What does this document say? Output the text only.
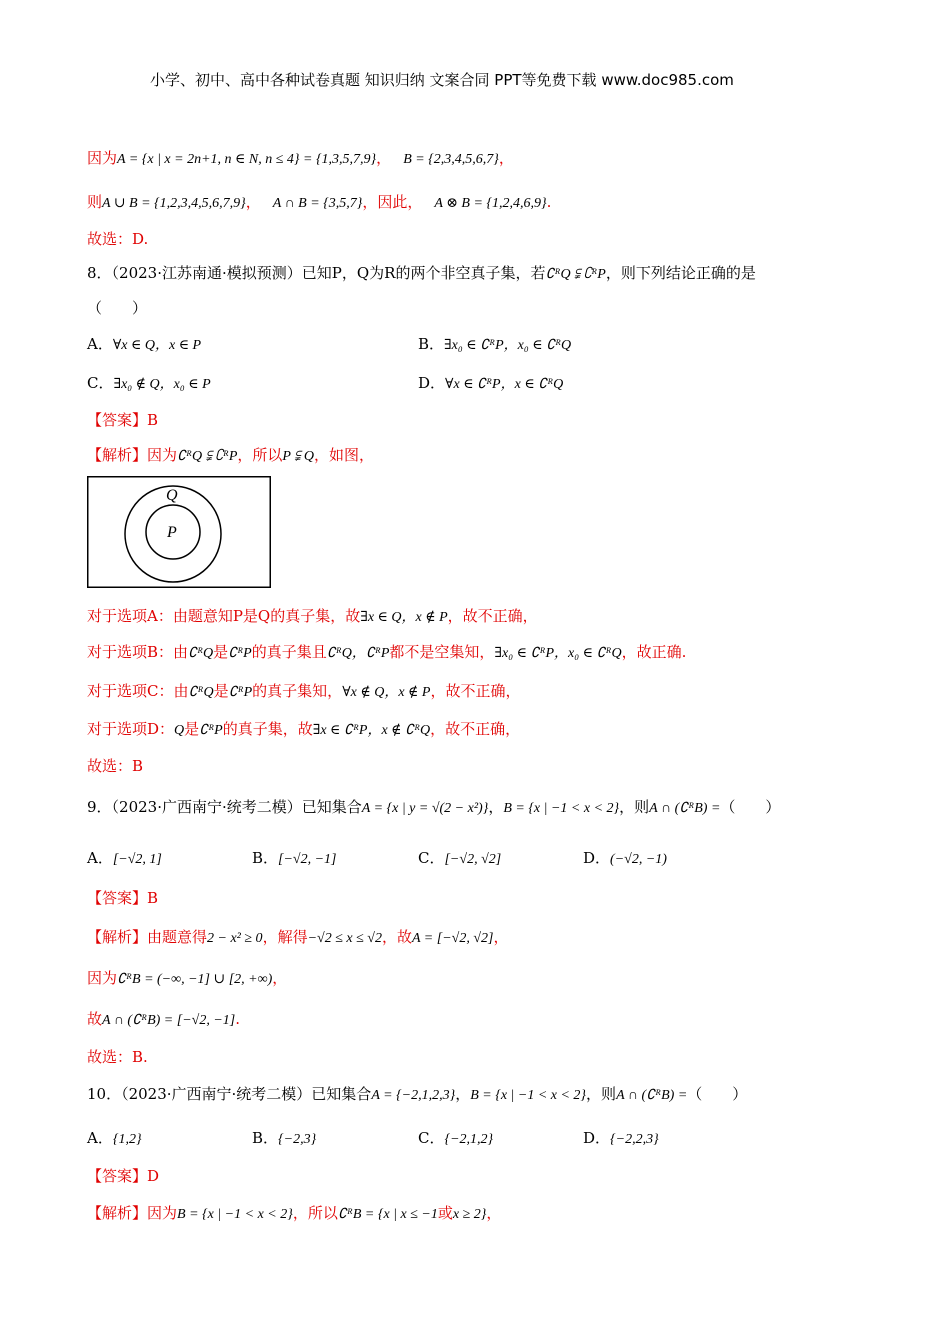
小学、初中、高中各种试卷真题 知识归纳 文案合同 PPT等免费下载 www.doc985.com
因为A = {x | x = 2n+1, n ∈ N, n ≤ 4} = {1,3,5,7,9}， B = {2,3,4,5,6,7}，
则A ∪ B = {1,2,3,4,5,6,7,9}， A ∩ B = {3,5,7}，因此， A ⊗ B = {1,2,4,6,9}.
故选：D.
8．（2023·江苏南通·模拟预测）已知P，Q为R的两个非空真子集，若∁ᴿQ ⫋ ∁ᴿP，则下列结论正确的是
（　　）
A．∀x ∈ Q，x ∈ P	B．∃x₀ ∈ ∁ᴿP，x₀ ∈ ∁ᴿQ
C．∃x₀ ∉ Q，x₀ ∈ P	D．∀x ∈ ∁ᴿP，x ∈ ∁ᴿQ
【答案】B
【解析】因为∁ᴿQ ⫋ ∁ᴿP，所以P ⫋ Q，如图，
Q
P
对于选项A：由题意知P是Q的真子集，故∃x ∈ Q，x ∉ P，故不正确，
对于选项B：由∁ᴿQ是∁ᴿP的真子集且∁ᴿQ，∁ᴿP都不是空集知，∃x₀ ∈ ∁ᴿP，x₀ ∈ ∁ᴿQ，故正确.
对于选项C：由∁ᴿQ是∁ᴿP的真子集知，∀x ∉ Q，x ∉ P，故不正确，
对于选项D：Q是∁ᴿP的真子集，故∃x ∈ ∁ᴿP，x ∉ ∁ᴿQ，故不正确，
故选：B
9．（2023·广西南宁·统考二模）已知集合A = {x | y = √(2 − x²)}，B = {x | −1 < x < 2}，则A ∩ (∁ᴿB) =（　　）
A．[−√2, 1]	B．[−√2, −1]	C．[−√2, √2]	D．(−√2, −1)
【答案】B
【解析】由题意得2 − x² ≥ 0，解得−√2 ≤ x ≤ √2，故A = [−√2, √2]，
因为∁ᴿB = (−∞, −1] ∪ [2, +∞)，
故A ∩ (∁ᴿB) = [−√2, −1].
故选：B.
10．（2023·广西南宁·统考二模）已知集合A = {−2,1,2,3}，B = {x | −1 < x < 2}，则A ∩ (∁ᴿB) =（　　）
A．{1,2}	B．{−2,3}	C．{−2,1,2}	D．{−2,2,3}
【答案】D
【解析】因为B = {x | −1 < x < 2}，所以∁ᴿB = {x | x ≤ −1或x ≥ 2}，
